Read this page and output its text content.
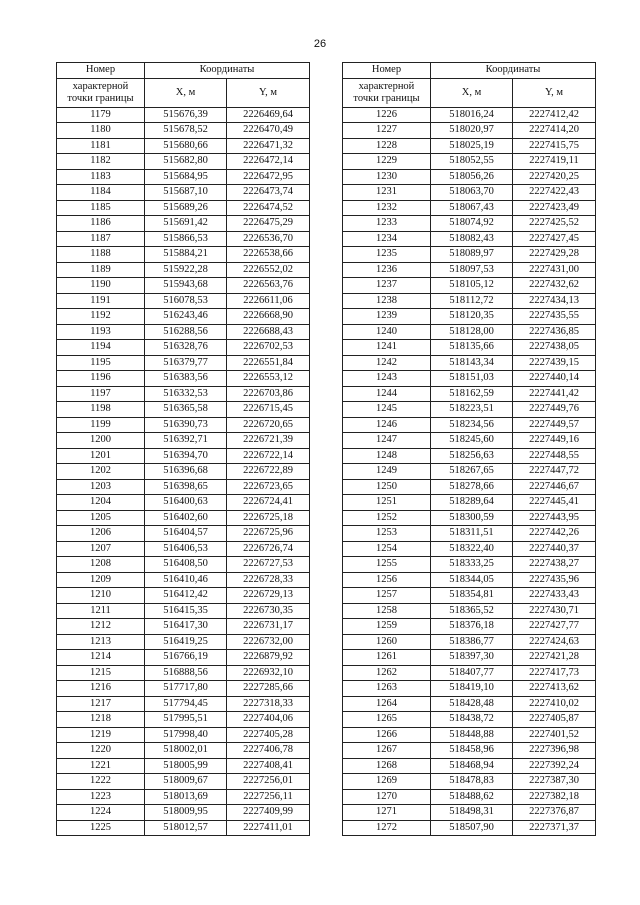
26
Номер	Координаты	
характерной
точки границы	X, м	Y, м
1179	515676,39	2226469,64
1180	515678,52	2226470,49
1181	515680,66	2226471,32
1182	515682,80	2226472,14
1183	515684,95	2226472,95
1184	515687,10	2226473,74
1185	515689,26	2226474,52
1186	515691,42	2226475,29
1187	515866,53	2226536,70
1188	515884,21	2226538,66
1189	515922,28	2226552,02
1190	515943,68	2226563,76
1191	516078,53	2226611,06
1192	516243,46	2226668,90
1193	516288,56	2226688,43
1194	516328,76	2226702,53
1195	516379,77	2226551,84
1196	516383,56	2226553,12
1197	516332,53	2226703,86
1198	516365,58	2226715,45
1199	516390,73	2226720,65
1200	516392,71	2226721,39
1201	516394,70	2226722,14
1202	516396,68	2226722,89
1203	516398,65	2226723,65
1204	516400,63	2226724,41
1205	516402,60	2226725,18
1206	516404,57	2226725,96
1207	516406,53	2226726,74
1208	516408,50	2226727,53
1209	516410,46	2226728,33
1210	516412,42	2226729,13
1211	516415,35	2226730,35
1212	516417,30	2226731,17
1213	516419,25	2226732,00
1214	516766,19	2226879,92
1215	516888,56	2226932,10
1216	517717,80	2227285,66
1217	517794,45	2227318,33
1218	517995,51	2227404,06
1219	517998,40	2227405,28
1220	518002,01	2227406,78
1221	518005,99	2227408,41
1222	518009,67	2227256,01
1223	518013,69	2227256,11
1224	518009,95	2227409,99
1225	518012,57	2227411,01
Номер	Координаты	
характерной
точки границы	X, м	Y, м
1226	518016,24	2227412,42
1227	518020,97	2227414,20
1228	518025,19	2227415,75
1229	518052,55	2227419,11
1230	518056,26	2227420,25
1231	518063,70	2227422,43
1232	518067,43	2227423,49
1233	518074,92	2227425,52
1234	518082,43	2227427,45
1235	518089,97	2227429,28
1236	518097,53	2227431,00
1237	518105,12	2227432,62
1238	518112,72	2227434,13
1239	518120,35	2227435,55
1240	518128,00	2227436,85
1241	518135,66	2227438,05
1242	518143,34	2227439,15
1243	518151,03	2227440,14
1244	518162,59	2227441,42
1245	518223,51	2227449,76
1246	518234,56	2227449,57
1247	518245,60	2227449,16
1248	518256,63	2227448,55
1249	518267,65	2227447,72
1250	518278,66	2227446,67
1251	518289,64	2227445,41
1252	518300,59	2227443,95
1253	518311,51	2227442,26
1254	518322,40	2227440,37
1255	518333,25	2227438,27
1256	518344,05	2227435,96
1257	518354,81	2227433,43
1258	518365,52	2227430,71
1259	518376,18	2227427,77
1260	518386,77	2227424,63
1261	518397,30	2227421,28
1262	518407,77	2227417,73
1263	518419,10	2227413,62
1264	518428,48	2227410,02
1265	518438,72	2227405,87
1266	518448,88	2227401,52
1267	518458,96	2227396,98
1268	518468,94	2227392,24
1269	518478,83	2227387,30
1270	518488,62	2227382,18
1271	518498,31	2227376,87
1272	518507,90	2227371,37
